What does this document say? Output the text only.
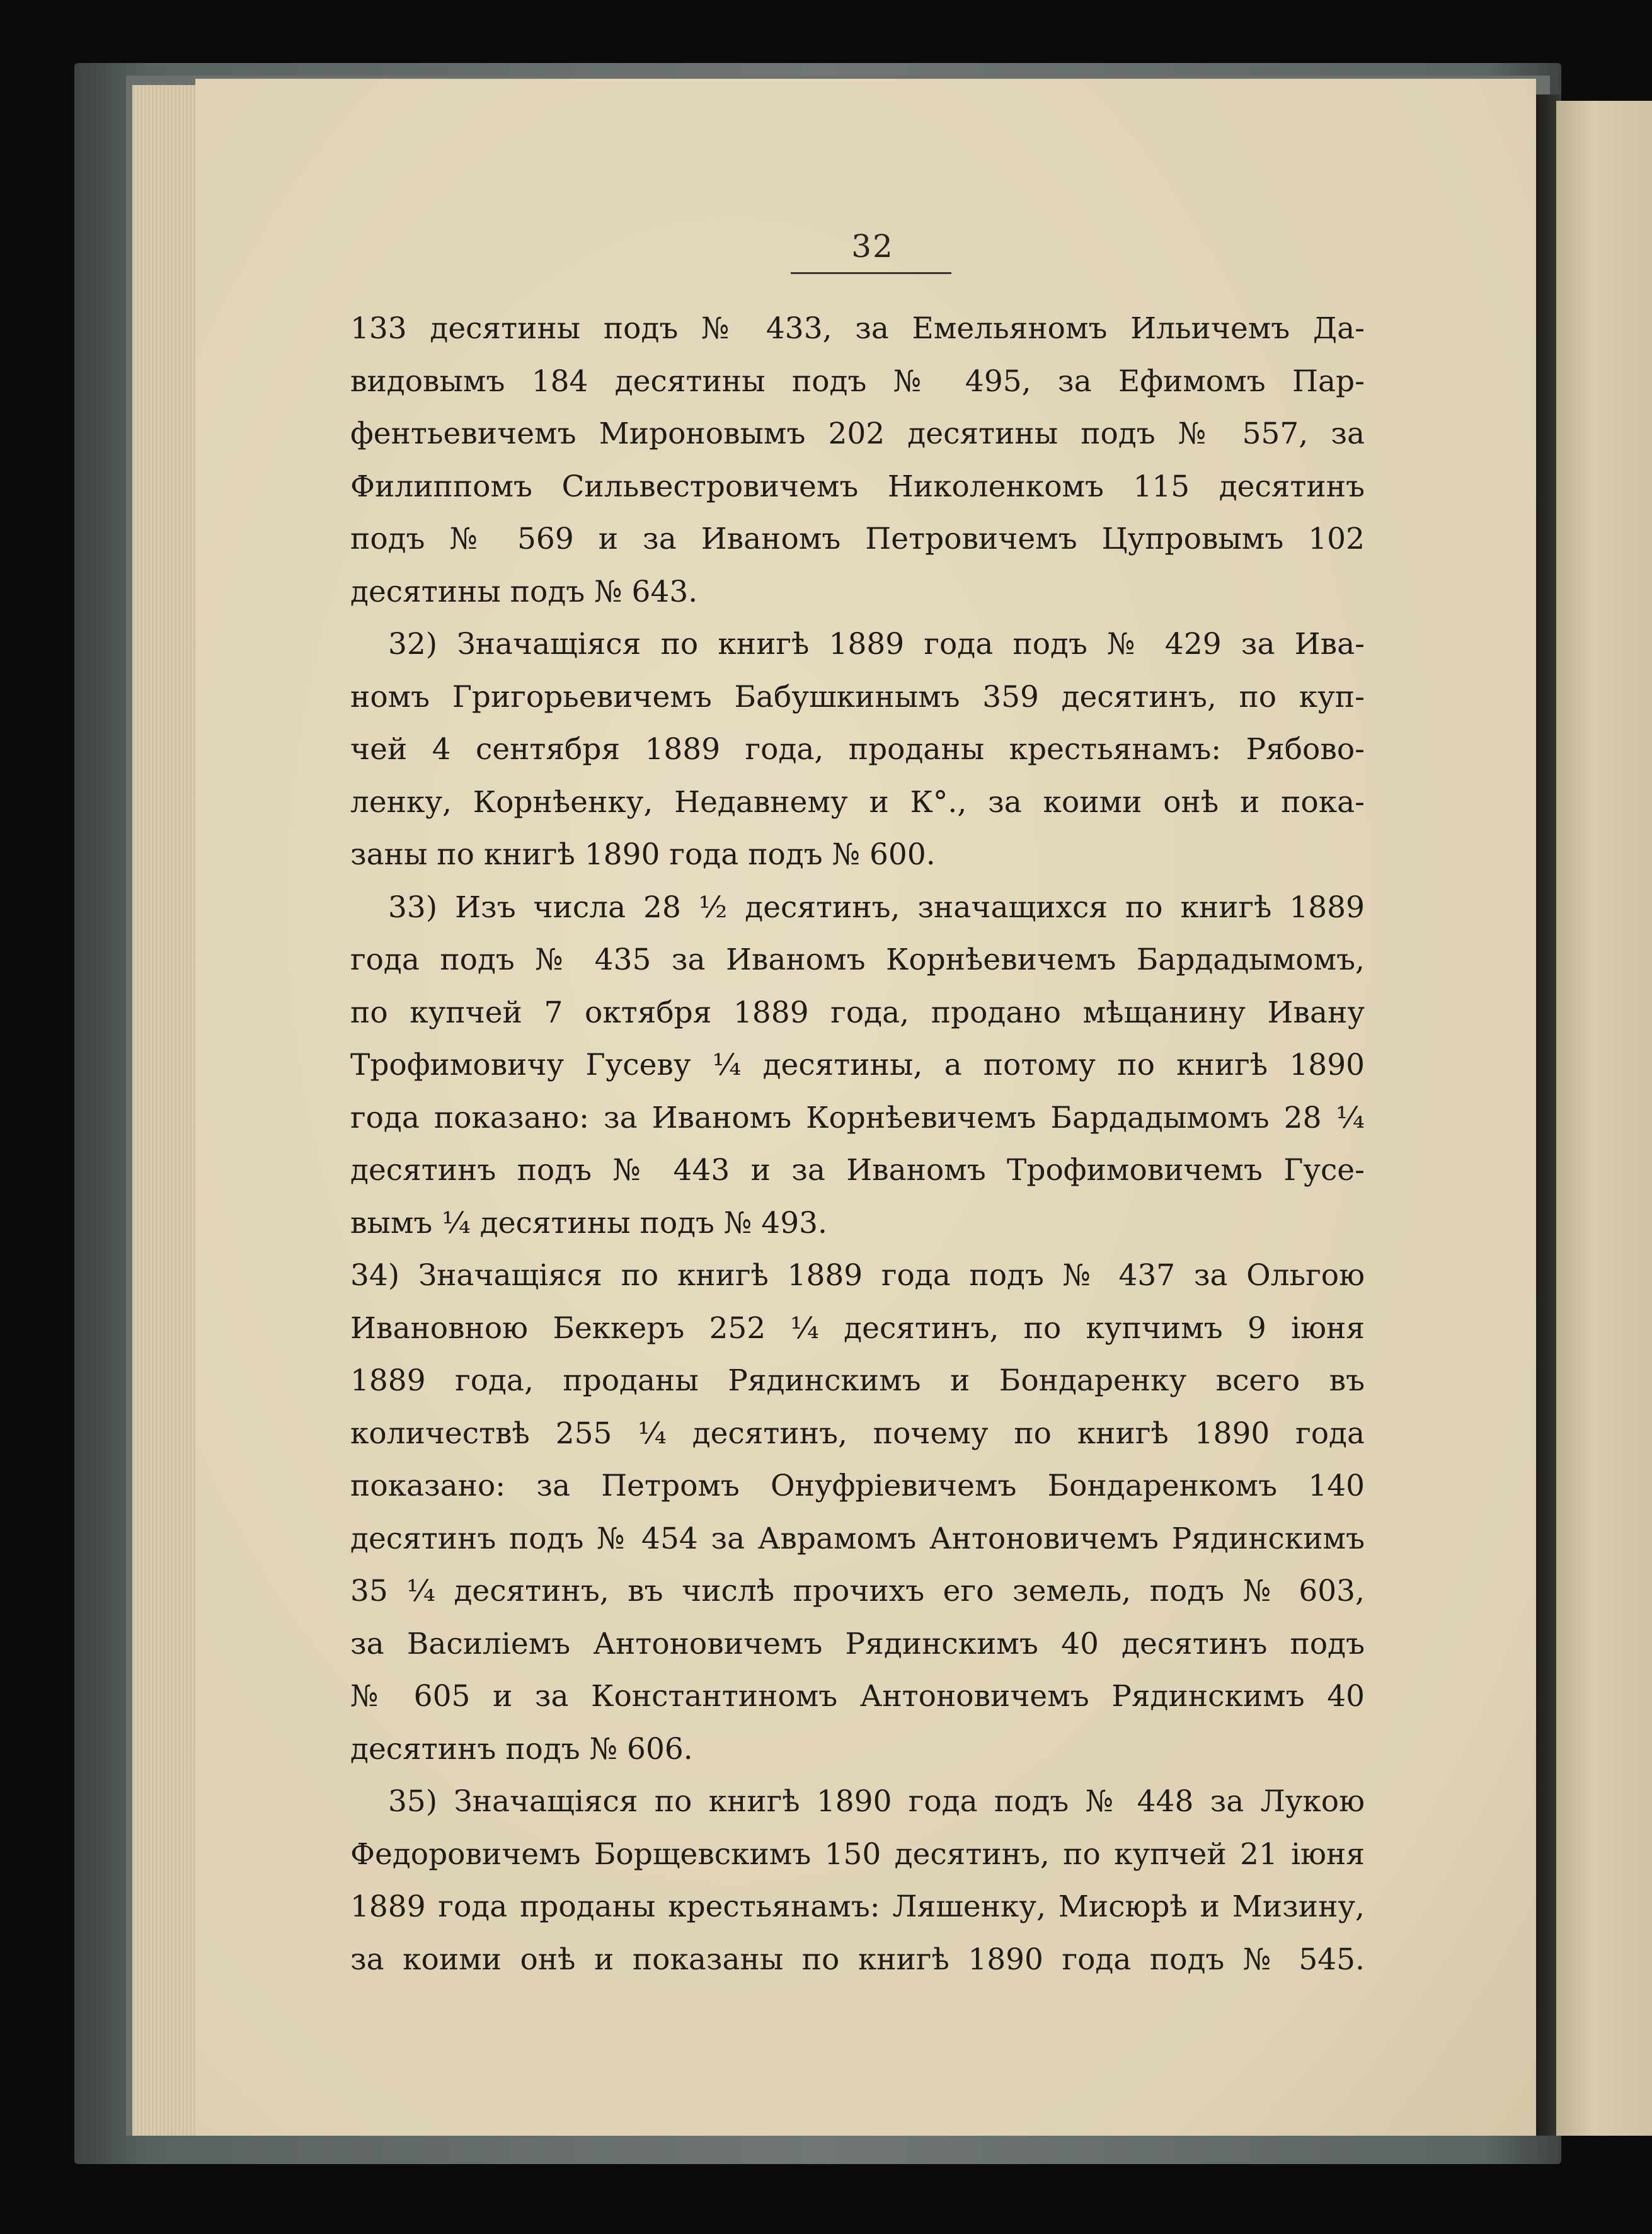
32
133 десятины подъ № 433, за Емельяномъ Ильичемъ Да-
видовымъ 184 десятины подъ № 495, за Ефимомъ Пар-
фентьевичемъ Мироновымъ 202 десятины подъ № 557, за
Филиппомъ Сильвестровичемъ Николенкомъ 115 десятинъ
подъ № 569 и за Иваномъ Петровичемъ Цупровымъ 102
десятины подъ № 643.
32) Значащіяся по книгѣ 1889 года подъ № 429 за Ива-
номъ Григорьевичемъ Бабушкинымъ 359 десятинъ, по куп-
чей 4 сентября 1889 года, проданы крестьянамъ: Рябово-
ленку, Корнѣенку, Недавнему и К°., за коими онѣ и пока-
заны по книгѣ 1890 года подъ № 600.
33) Изъ числа 28 ½ десятинъ, значащихся по книгѣ 1889
года подъ № 435 за Иваномъ Корнѣевичемъ Бардадымомъ,
по купчей 7 октября 1889 года, продано мѣщанину Ивану
Трофимовичу Гусеву ¼ десятины, а потому по книгѣ 1890
года показано: за Иваномъ Корнѣевичемъ Бардадымомъ 28 ¼
десятинъ подъ № 443 и за Иваномъ Трофимовичемъ Гусе-
вымъ ¼ десятины подъ № 493.
34) Значащіяся по книгѣ 1889 года подъ № 437 за Ольгою
Ивановною Беккеръ 252 ¼ десятинъ, по купчимъ 9 іюня
1889 года, проданы Рядинскимъ и Бондаренку всего въ
количествѣ 255 ¼ десятинъ, почему по книгѣ 1890 года
показано: за Петромъ Онуфріевичемъ Бондаренкомъ 140
десятинъ подъ № 454 за Аврамомъ Антоновичемъ Рядинскимъ
35 ¼ десятинъ, въ числѣ прочихъ его земель, подъ № 603,
за Василіемъ Антоновичемъ Рядинскимъ 40 десятинъ подъ
№ 605 и за Константиномъ Антоновичемъ Рядинскимъ 40
десятинъ подъ № 606.
35) Значащіяся по книгѣ 1890 года подъ № 448 за Лукою
Федоровичемъ Борщевскимъ 150 десятинъ, по купчей 21 іюня
1889 года проданы крестьянамъ: Ляшенку, Мисюрѣ и Мизину,
за коими онѣ и показаны по книгѣ 1890 года подъ № 545.
